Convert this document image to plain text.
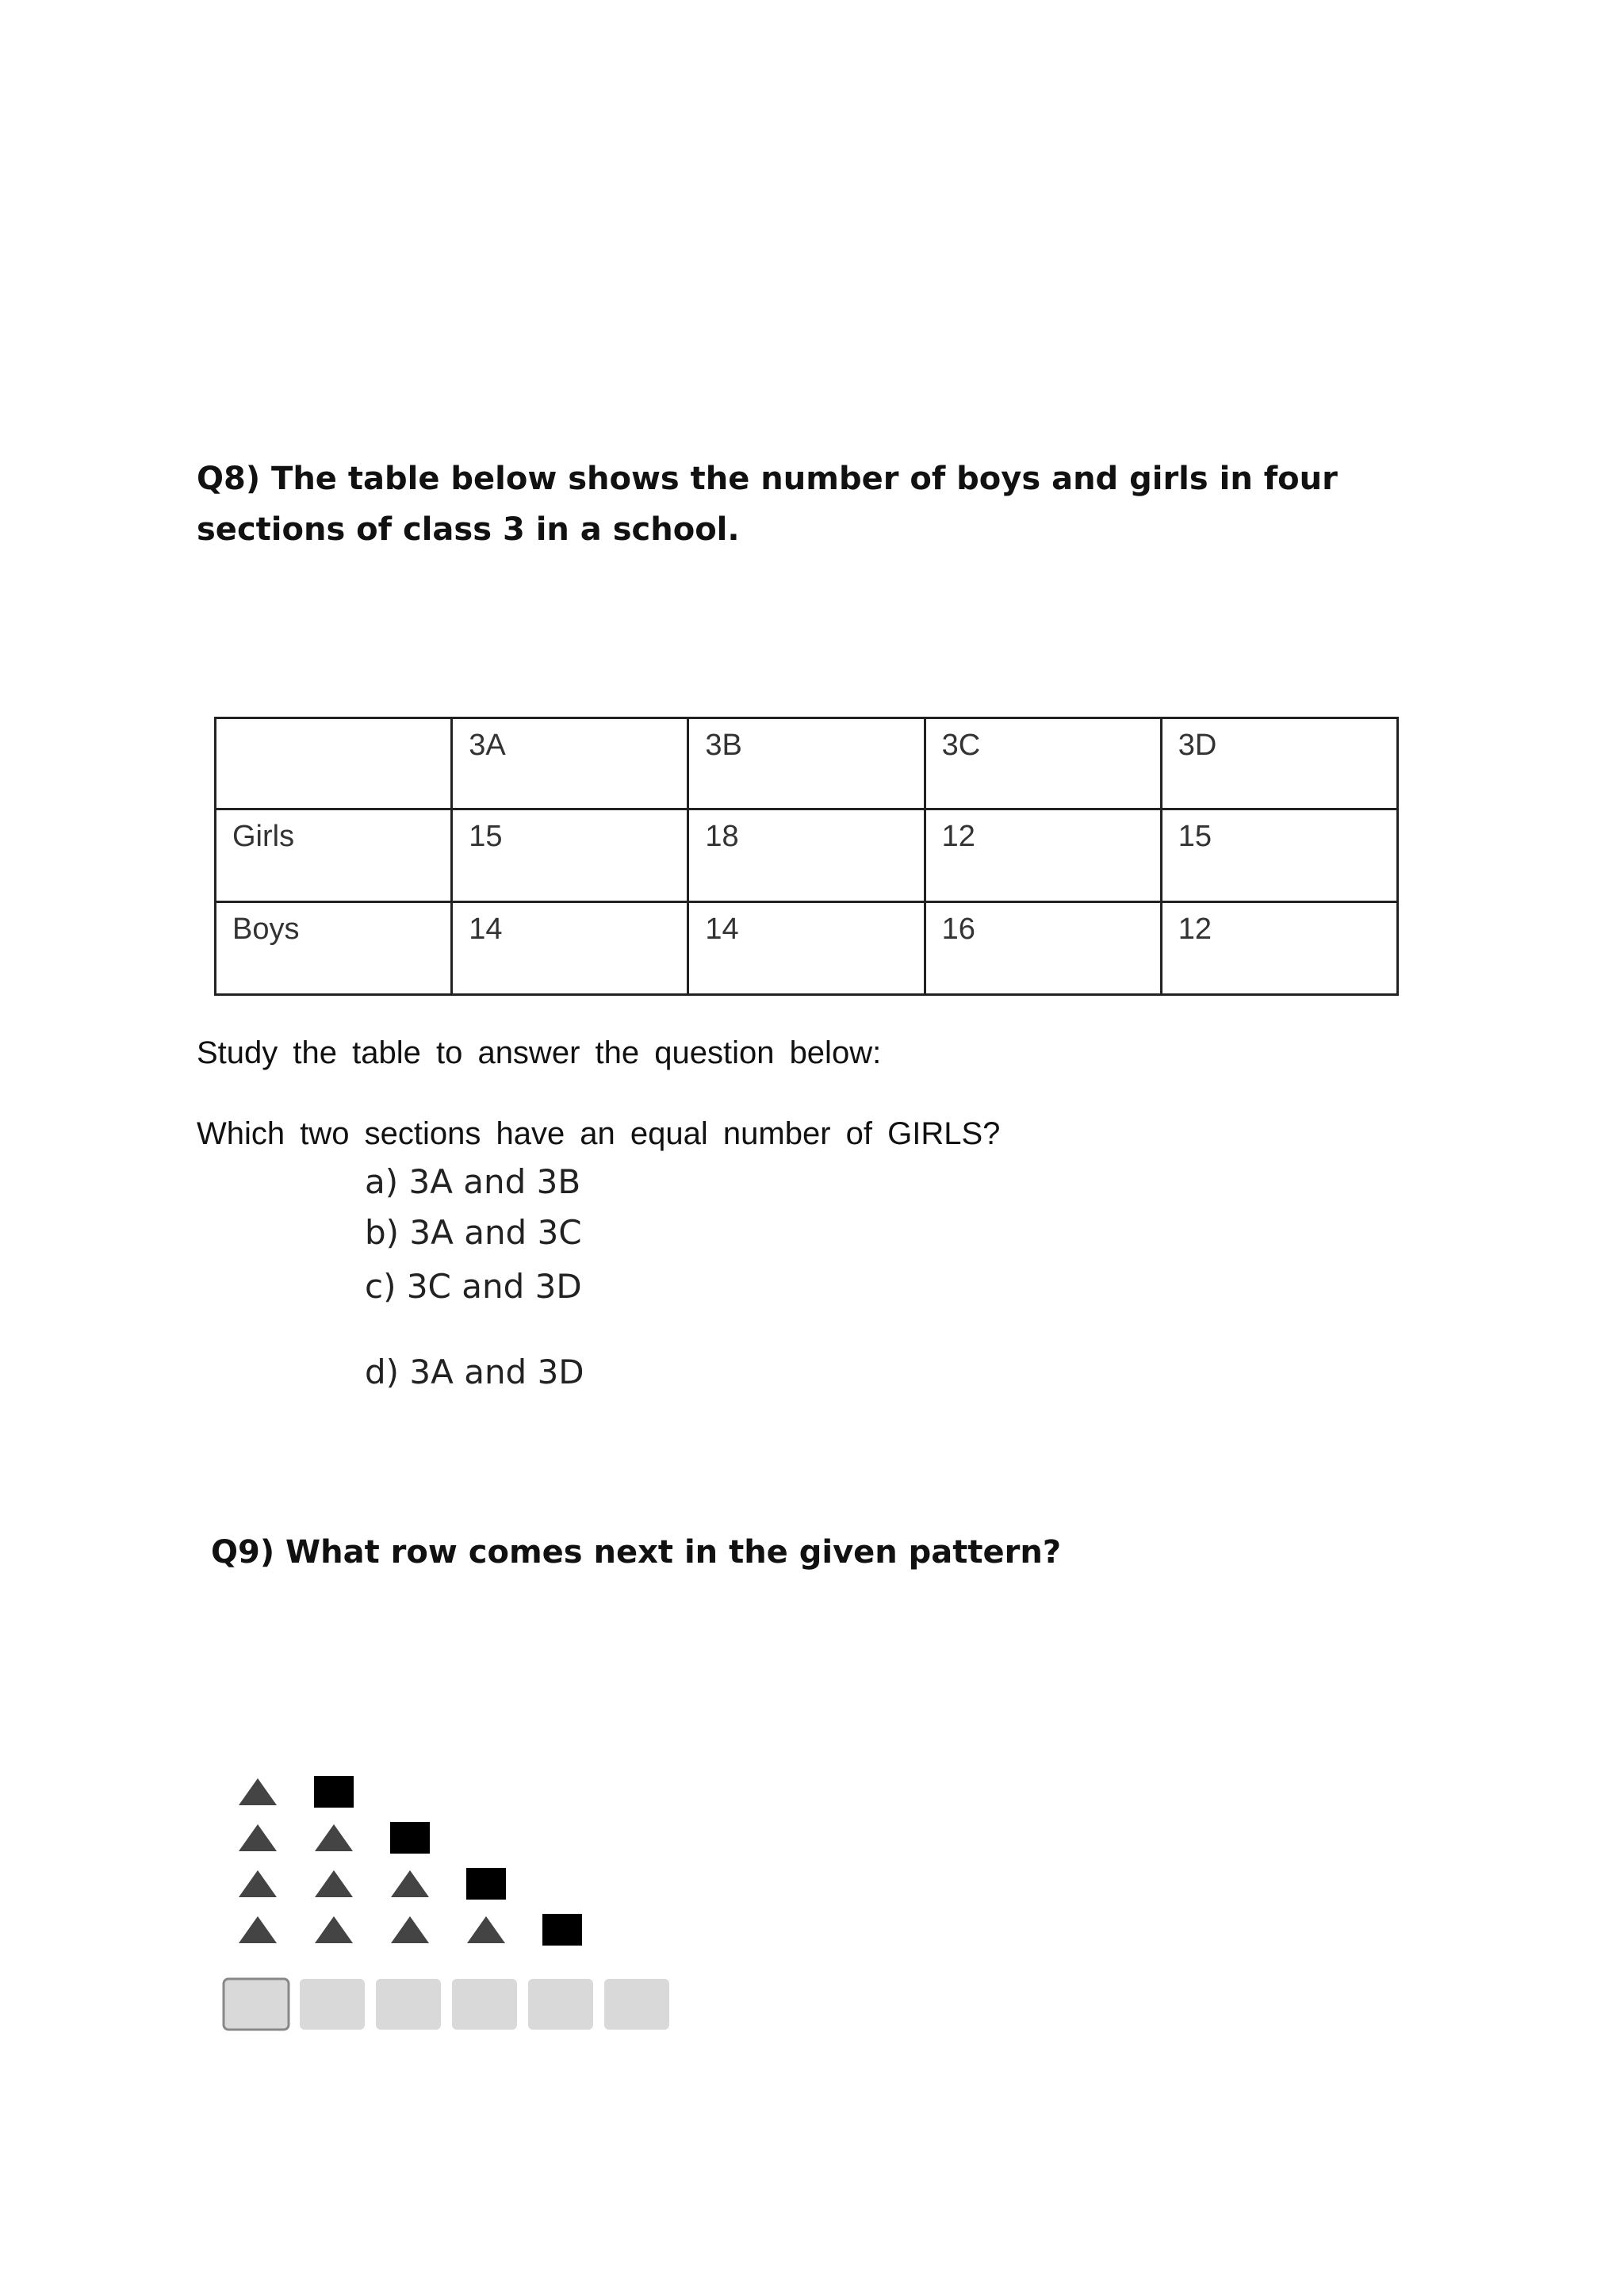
Q8) The table below shows the number of boys and girls in four sections of class 3 in a school.
	3A	3B	3C	3D
Girls	15	18	12	15
Boys	14	14	16	12
Study the table to answer the question below:
Which two sections have an equal number of GIRLS?
a) 3A and 3B
b) 3A and 3C
c) 3C and 3D
d) 3A and 3D
Q9) What row comes next in the given pattern?
